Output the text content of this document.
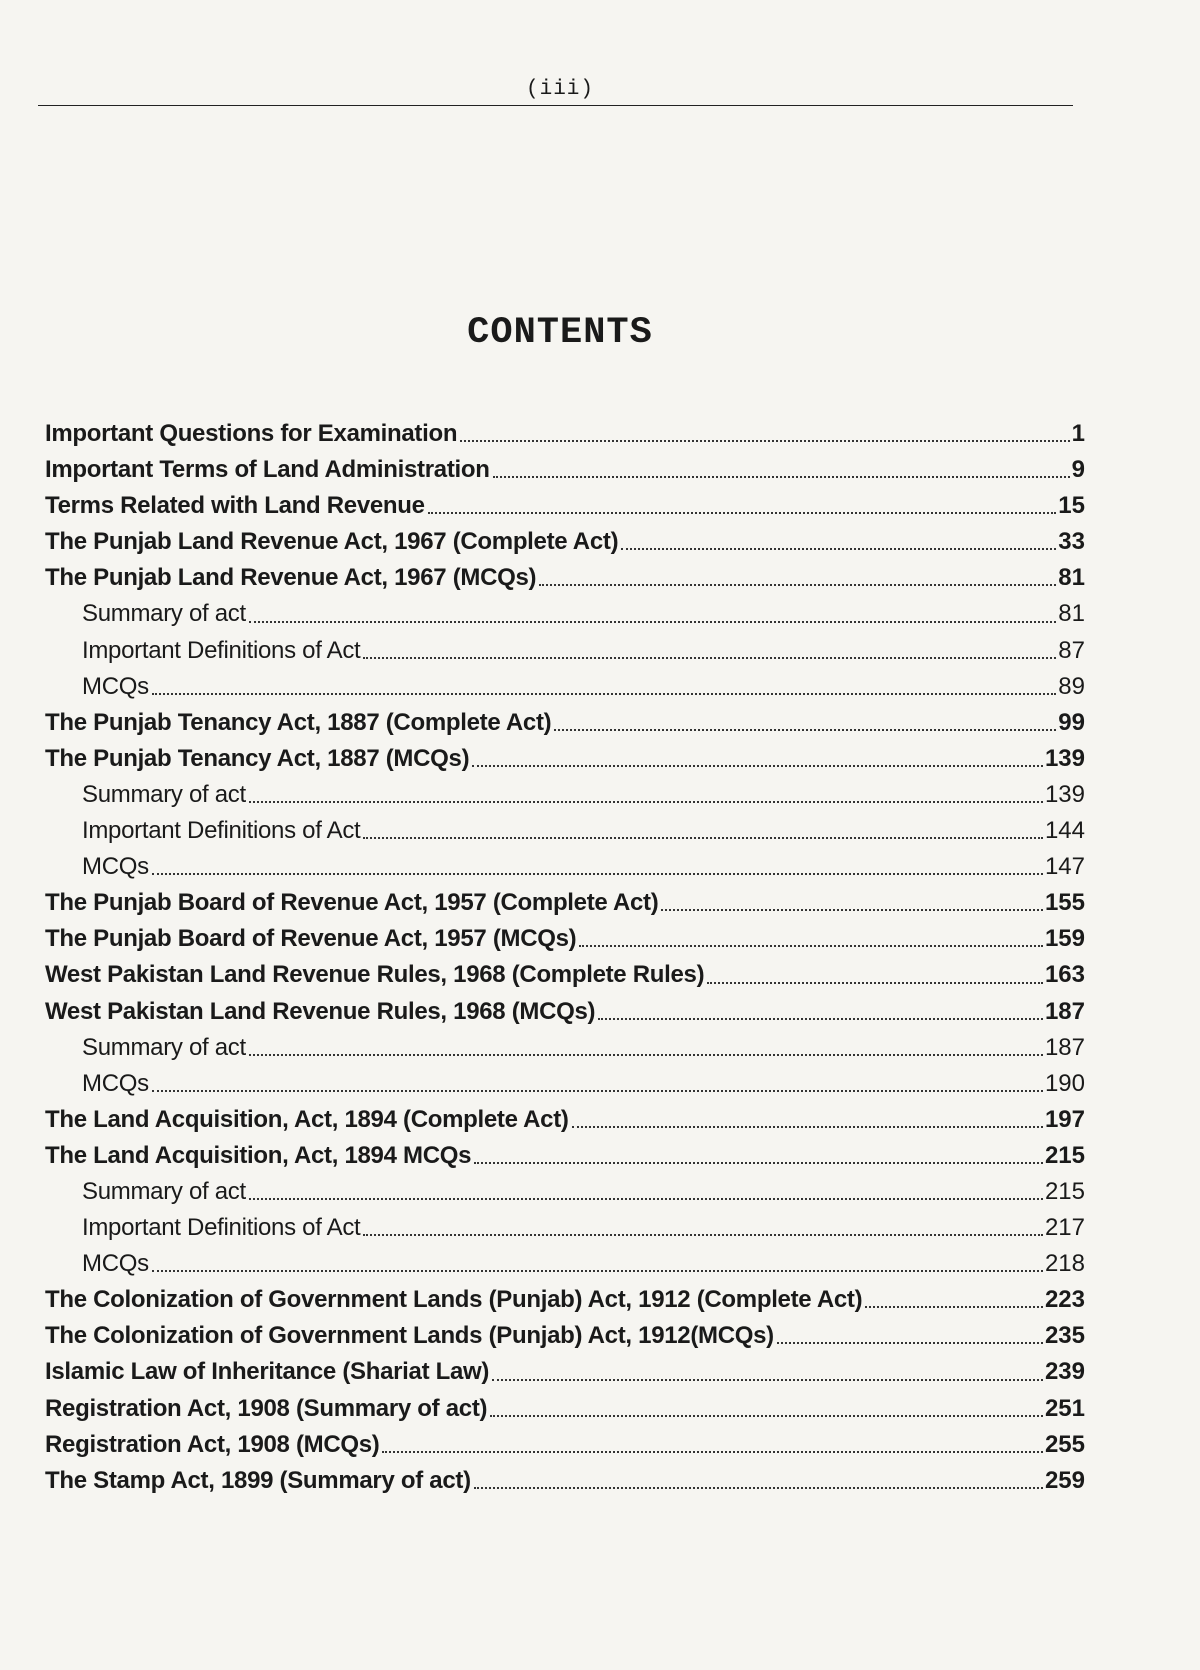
(iii)
CONTENTS
Important Questions for Examination	1
Important Terms of Land Administration	9
Terms Related with Land Revenue	15
The Punjab Land Revenue Act, 1967 (Complete Act)	33
The Punjab Land Revenue Act, 1967 (MCQs)	81
Summary of act	81
Important Definitions of Act	87
MCQs	89
The Punjab Tenancy Act, 1887 (Complete Act)	99
The Punjab Tenancy Act, 1887 (MCQs)	139
Summary of act	139
Important Definitions of Act	144
MCQs	147
The Punjab Board of Revenue Act, 1957 (Complete Act)	155
The Punjab Board of Revenue Act, 1957 (MCQs)	159
West Pakistan Land Revenue Rules, 1968 (Complete Rules)	163
West Pakistan Land Revenue Rules, 1968 (MCQs)	187
Summary of act	187
MCQs	190
The Land Acquisition, Act, 1894 (Complete Act)	197
The Land Acquisition, Act, 1894 MCQs	215
Summary of act	215
Important Definitions of Act	217
MCQs	218
The Colonization of Government Lands (Punjab) Act, 1912 (Complete Act)	223
The Colonization of Government Lands (Punjab) Act, 1912(MCQs)	235
Islamic Law of Inheritance (Shariat Law)	239
Registration Act, 1908 (Summary of act)	251
Registration Act, 1908 (MCQs)	255
The Stamp Act, 1899 (Summary of act)	259
